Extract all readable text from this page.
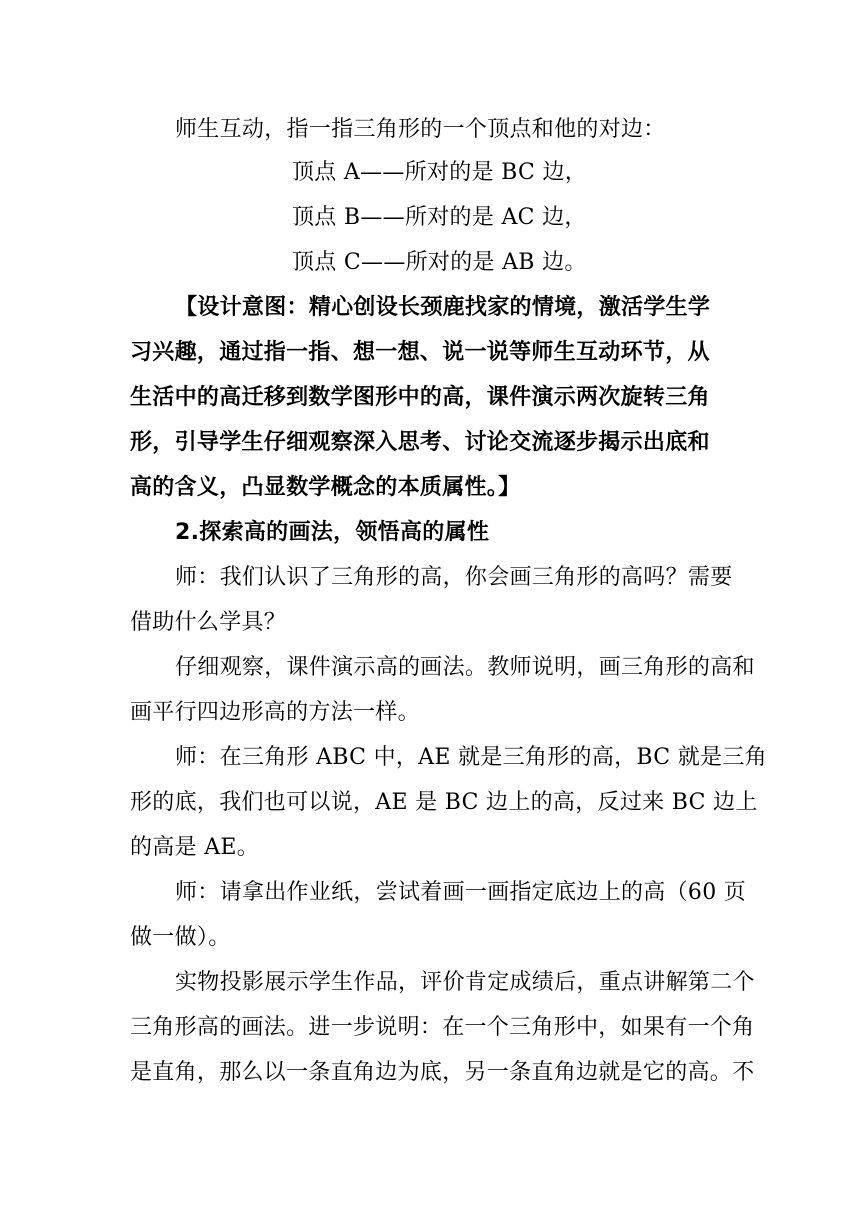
师生互动，指一指三角形的一个顶点和他的对边：
顶点 A——所对的是 BC 边，
顶点 B——所对的是 AC 边，
顶点 C——所对的是 AB 边。
【设计意图：精心创设长颈鹿找家的情境，激活学生学
习兴趣，通过指一指、想一想、说一说等师生互动环节，从
生活中的高迁移到数学图形中的高，课件演示两次旋转三角
形，引导学生仔细观察深入思考、讨论交流逐步揭示出底和
高的含义，凸显数学概念的本质属性。】
2.探索高的画法，领悟高的属性
师：我们认识了三角形的高，你会画三角形的高吗？需要
借助什么学具？
仔细观察，课件演示高的画法。教师说明，画三角形的高和
画平行四边形高的方法一样。
师：在三角形 ABC 中，AE 就是三角形的高，BC 就是三角
形的底，我们也可以说，AE 是 BC 边上的高，反过来 BC 边上
的高是 AE。
师：请拿出作业纸，尝试着画一画指定底边上的高（60 页
做一做）。
实物投影展示学生作品，评价肯定成绩后，重点讲解第二个
三角形高的画法。进一步说明：在一个三角形中，如果有一个角
是直角，那么以一条直角边为底，另一条直角边就是它的高。不
